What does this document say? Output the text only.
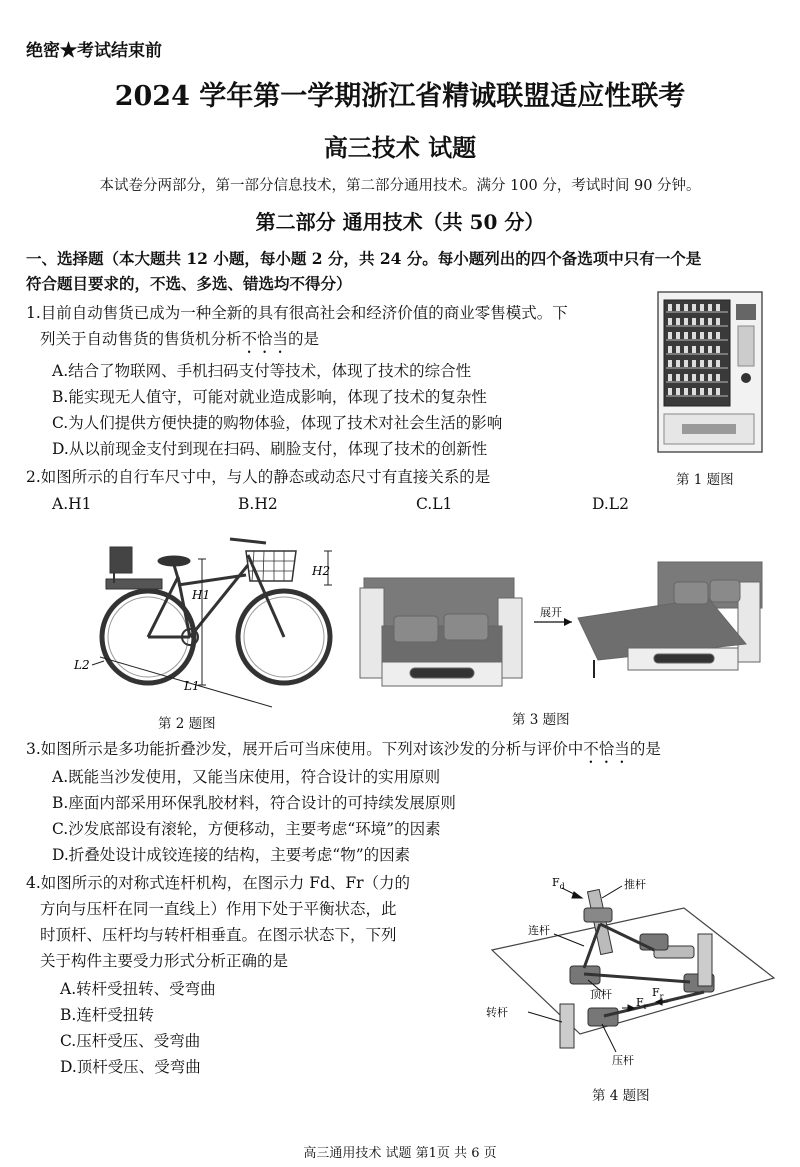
绝密★考试结束前
2024 学年第一学期浙江省精诚联盟适应性联考
高三技术 试题
本试卷分两部分，第一部分信息技术，第二部分通用技术。满分 100 分，考试时间 90 分钟。
第二部分 通用技术（共 50 分）
一、选择题（本大题共 12 小题，每小题 2 分，共 24 分。每小题列出的四个备选项中只有一个是
符合题目要求的，不选、多选、错选均不得分）
1.目前自动售货已成为一种全新的具有很高社会和经济价值的商业零售模式。下
列关于自动售货的售货机分析不恰当的是
A.结合了物联网、手机扫码支付等技术，体现了技术的综合性
B.能实现无人值守，可能对就业造成影响，体现了技术的复杂性
C.为人们提供方便快捷的购物体验，体现了技术对社会生活的影响
D.从以前现金支付到现在扫码、刷脸支付，体现了技术的创新性
第 1 题图
2.如图所示的自行车尺寸中，与人的静态或动态尺寸有直接关系的是
A.H1	B.H2	C.L1	D.L2
H1
H2
L1
L2
第 2 题图
展开
第 3 题图
3.如图所示是多功能折叠沙发，展开后可当床使用。下列对该沙发的分析与评价中不恰当的是
A.既能当沙发使用，又能当床使用，符合设计的实用原则
B.座面内部采用环保乳胶材料，符合设计的可持续发展原则
C.沙发底部设有滚轮，方便移动，主要考虑“环境”的因素
D.折叠处设计成铰连接的结构，主要考虑“物”的因素
4.如图所示的对称式连杆机构，在图示力 Fd、Fr（力的
方向与压杆在同一直线上）作用下处于平衡状态，此
时顶杆、压杆均与转杆相垂直。在图示状态下，下列
关于构件主要受力形式分析正确的是
A.转杆受扭转、受弯曲
B.连杆受扭转
C.压杆受压、受弯曲
D.顶杆受压、受弯曲
$F_d$	推杆
连杆
顶杆
转杆
压杆
$F_r$
$F_r$
第 4 题图
高三通用技术 试题 第1页 共 6 页
